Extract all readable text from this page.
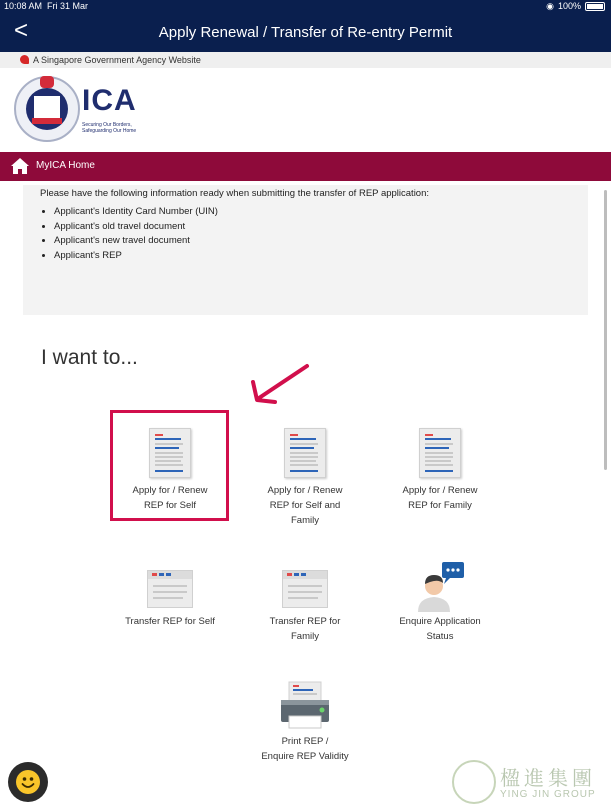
10:08 AM Fri 31 Mar	◉ 100%
<	Apply Renewal / Transfer of Re-entry Permit
A Singapore Government Agency Website
ICA
Securing Our Borders, Safeguarding Our Home
MyICA Home

Please have the following information ready when submitting the transfer of REP application:

• Applicant's Identity Card Number (UIN)
• Applicant's old travel document
• Applicant's new travel document
• Applicant's REP
I want to...
Apply for / Renew
REP for Self
Apply for / Renew
REP for Self and
Family
Apply for / Renew
REP for Family
Transfer REP for Self	Transfer REP for
Family
Enquire Application
Status
Print REP /
Enquire REP Validity
楹進集團
YING JIN GROUP
